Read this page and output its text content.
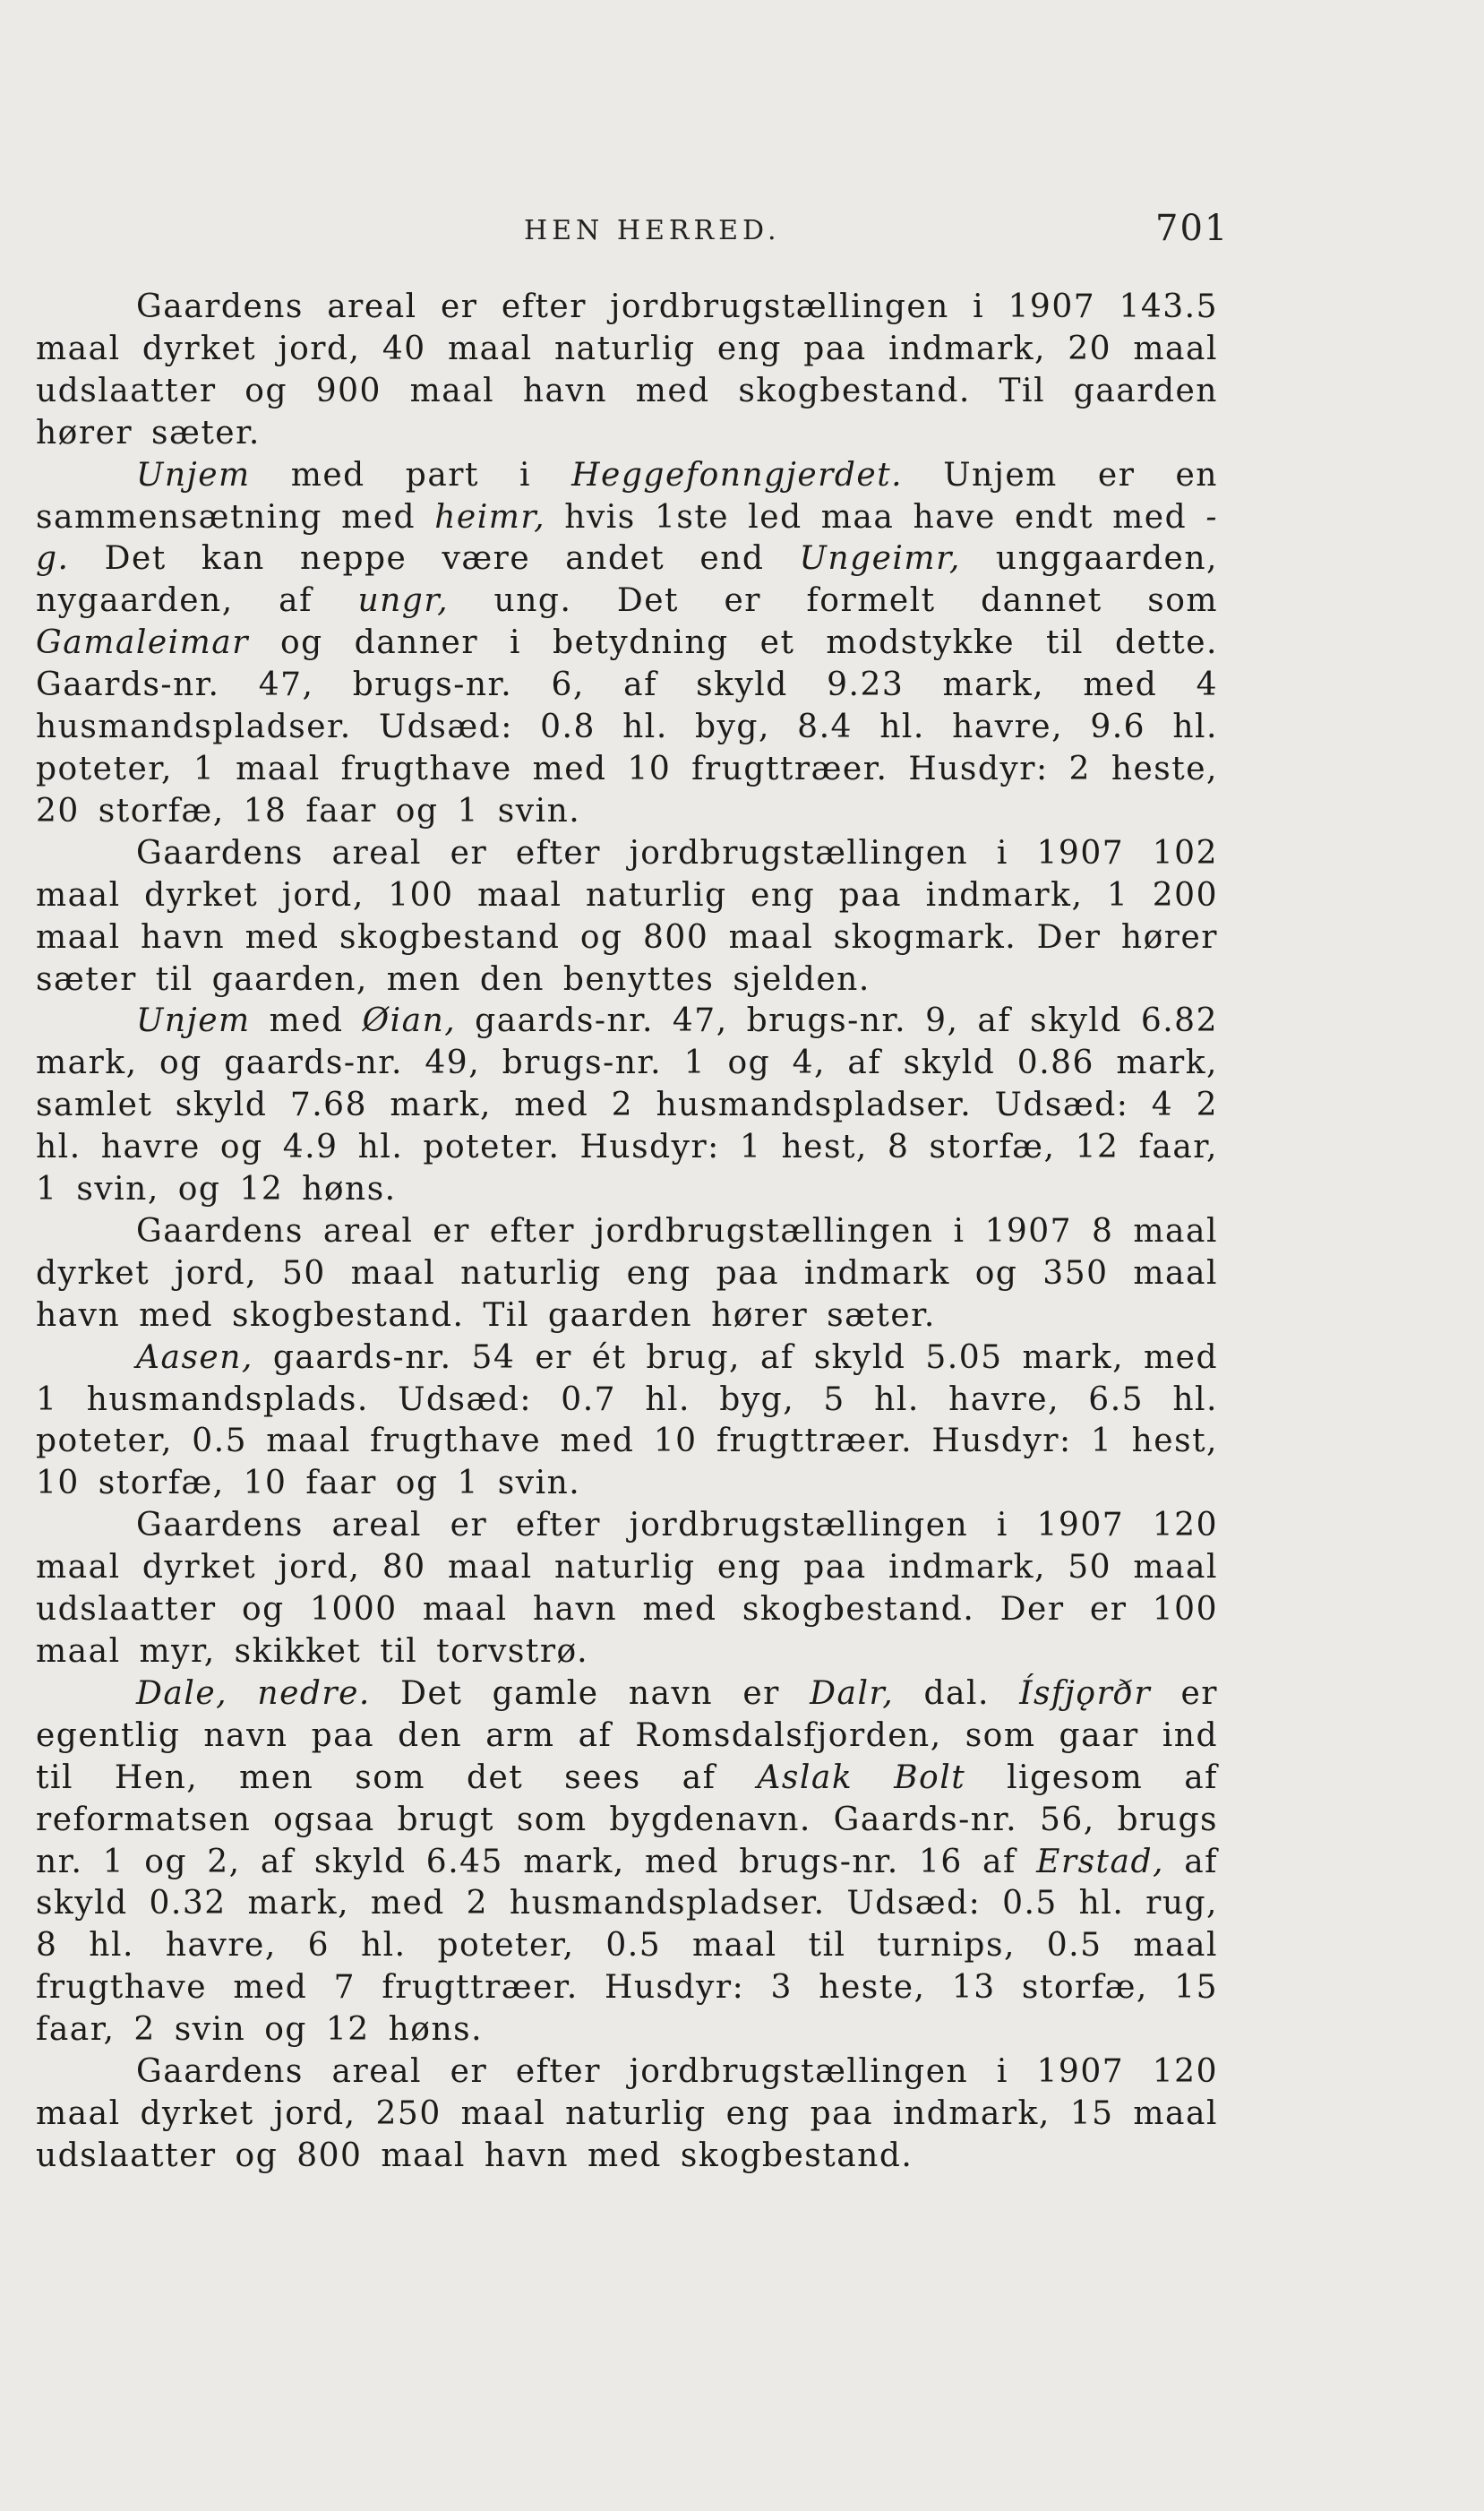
HEN HERRED.	701

Gaardens areal er efter jordbrugstællingen i 1907 143.5 maal dyrket jord, 40 maal naturlig eng paa indmark, 20 maal udslaatter og 900 maal havn med skogbestand. Til gaarden hører sæter.

Unjem med part i Heggefonngjerdet. Unjem er en sammensætning med heimr, hvis 1ste led maa have endt med -g. Det kan neppe være andet end Ungeimr, unggaarden, nygaarden, af ungr, ung. Det er formelt dannet som Gamaleimar og danner i betydning et modstykke til dette. Gaards-nr. 47, brugs-nr. 6, af skyld 9.23 mark, med 4 husmandspladser. Udsæd: 0.8 hl. byg, 8.4 hl. havre, 9.6 hl. poteter, 1 maal frugthave med 10 frugttræer. Husdyr: 2 heste, 20 storfæ, 18 faar og 1 svin.

Gaardens areal er efter jordbrugstællingen i 1907 102 maal dyrket jord, 100 maal naturlig eng paa indmark, 1 200 maal havn med skogbestand og 800 maal skogmark. Der hører sæter til gaarden, men den benyttes sjelden.

Unjem med Øian, gaards-nr. 47, brugs-nr. 9, af skyld 6.82 mark, og gaards-nr. 49, brugs-nr. 1 og 4, af skyld 0.86 mark, samlet skyld 7.68 mark, med 2 husmandspladser. Udsæd: 4 2 hl. havre og 4.9 hl. poteter. Husdyr: 1 hest, 8 storfæ, 12 faar, 1 svin, og 12 høns.

Gaardens areal er efter jordbrugstællingen i 1907 8 maal dyrket jord, 50 maal naturlig eng paa indmark og 350 maal havn med skogbestand. Til gaarden hører sæter.

Aasen, gaards-nr. 54 er ét brug, af skyld 5.05 mark, med 1 husmandsplads. Udsæd: 0.7 hl. byg, 5 hl. havre, 6.5 hl. poteter, 0.5 maal frugthave med 10 frugttræer. Husdyr: 1 hest, 10 storfæ, 10 faar og 1 svin.

Gaardens areal er efter jordbrugstællingen i 1907 120 maal dyrket jord, 80 maal naturlig eng paa indmark, 50 maal udslaatter og 1000 maal havn med skogbestand. Der er 100 maal myr, skikket til torvstrø.

Dale, nedre. Det gamle navn er Dalr, dal. Ísfjǫrðr er egentlig navn paa den arm af Romsdalsfjorden, som gaar ind til Hen, men som det sees af Aslak Bolt ligesom af reformatsen ogsaa brugt som bygdenavn. Gaards-nr. 56, brugs nr. 1 og 2, af skyld 6.45 mark, med brugs-nr. 16 af Erstad, af skyld 0.32 mark, med 2 husmandspladser. Udsæd: 0.5 hl. rug, 8 hl. havre, 6 hl. poteter, 0.5 maal til turnips, 0.5 maal frugthave med 7 frugttræer. Husdyr: 3 heste, 13 storfæ, 15 faar, 2 svin og 12 høns.

Gaardens areal er efter jordbrugstællingen i 1907 120 maal dyrket jord, 250 maal naturlig eng paa indmark, 15 maal udslaatter og 800 maal havn med skogbestand.
